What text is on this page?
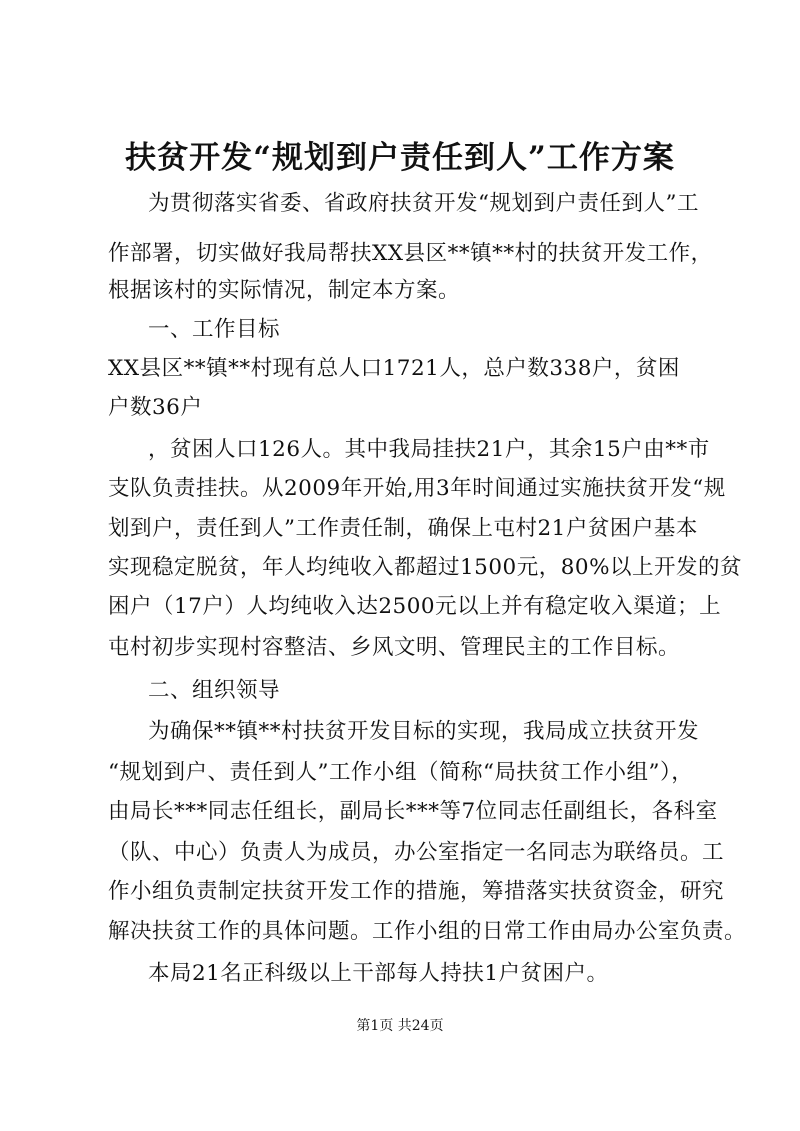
扶贫开发“规划到户责任到人”工作方案
为贯彻落实省委、省政府扶贫开发“规划到户责任到人”工
作部署，切实做好我局帮扶XX县区**镇**村的扶贫开发工作，
根据该村的实际情况，制定本方案。
一、工作目标
XX县区**镇**村现有总人口1721人，总户数338户，贫困
户数36户
，贫困人口126人。其中我局挂扶21户，其余15户由**市
支队负责挂扶。从2009年开始,用3年时间通过实施扶贫开发“规
划到户，责任到人”工作责任制，确保上屯村21户贫困户基本
实现稳定脱贫，年人均纯收入都超过1500元，80%以上开发的贫
困户（17户）人均纯收入达2500元以上并有稳定收入渠道；上
屯村初步实现村容整洁、乡风文明、管理民主的工作目标。
二、组织领导
为确保**镇**村扶贫开发目标的实现，我局成立扶贫开发
“规划到户、责任到人”工作小组（简称“局扶贫工作小组”），
由局长***同志任组长，副局长***等7位同志任副组长，各科室
（队、中心）负责人为成员，办公室指定一名同志为联络员。工
作小组负责制定扶贫开发工作的措施，筹措落实扶贫资金，研究
解决扶贫工作的具体问题。工作小组的日常工作由局办公室负责。
本局21名正科级以上干部每人持扶1户贫困户。
第1页 共24页
